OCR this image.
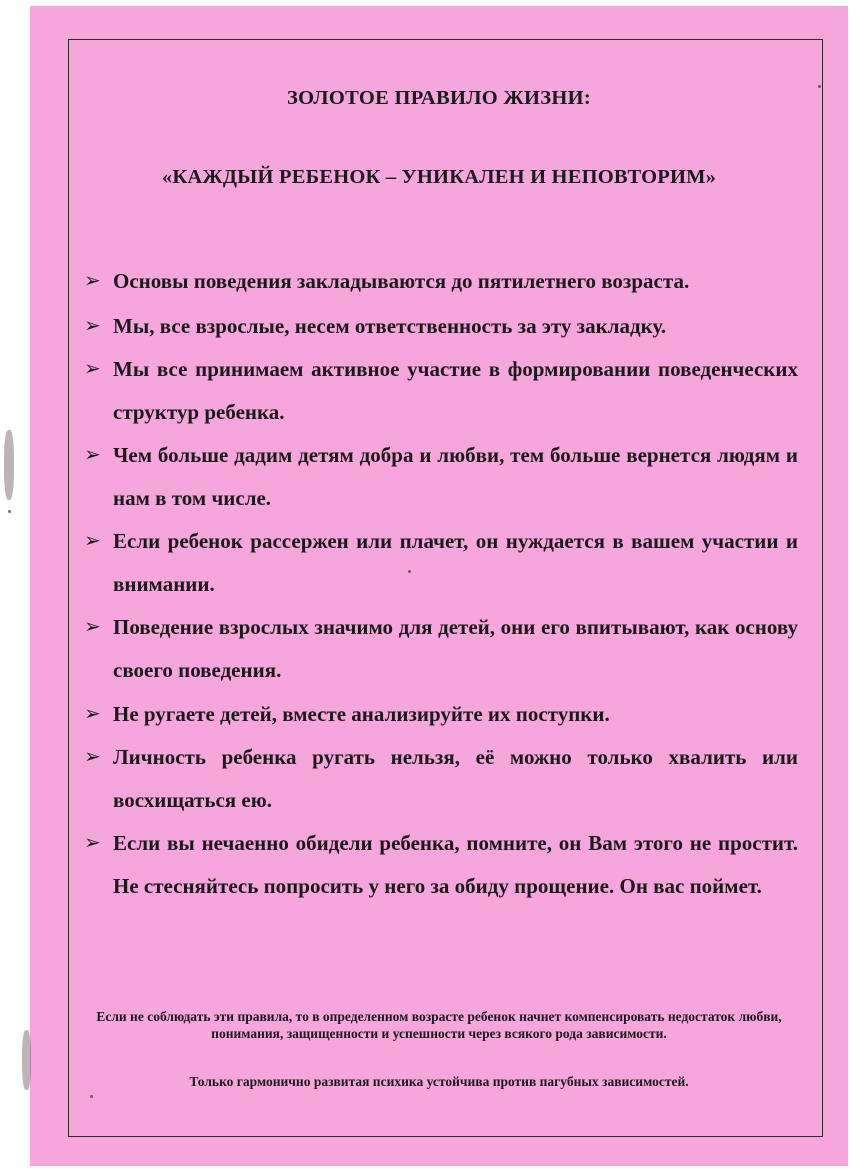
ЗОЛОТОЕ ПРАВИЛО ЖИЗНИ:
«КАЖДЫЙ РЕБЕНОК – УНИКАЛЕН И НЕПОВТОРИМ»
➢ Основы поведения закладываются до пятилетнего возраста.
➢ Мы, все взрослые, несем ответственность за эту закладку.
➢ Мы все принимаем активное участие в формировании поведенческих структур ребенка.
➢ Чем больше дадим детям добра и любви, тем больше вернется людям и нам в том числе.
➢ Если ребенок рассержен или плачет, он нуждается в вашем участии и внимании.
➢ Поведение взрослых значимо для детей, они его впитывают, как основу своего поведения.
➢ Не ругаете детей, вместе анализируйте их поступки.
➢ Личность ребенка ругать нельзя, её можно только хвалить или восхищаться ею.
➢ Если вы нечаенно обидели ребенка, помните, он Вам этого не простит. Не стесняйтесь попросить у него за обиду прощение. Он вас поймет.
Если не соблюдать эти правила, то в определенном возрасте ребенок начнет компенсировать недостаток любви, понимания, защищенности и успешности через всякого рода зависимости.
Только гармонично развитая психика устойчива против пагубных зависимостей.
